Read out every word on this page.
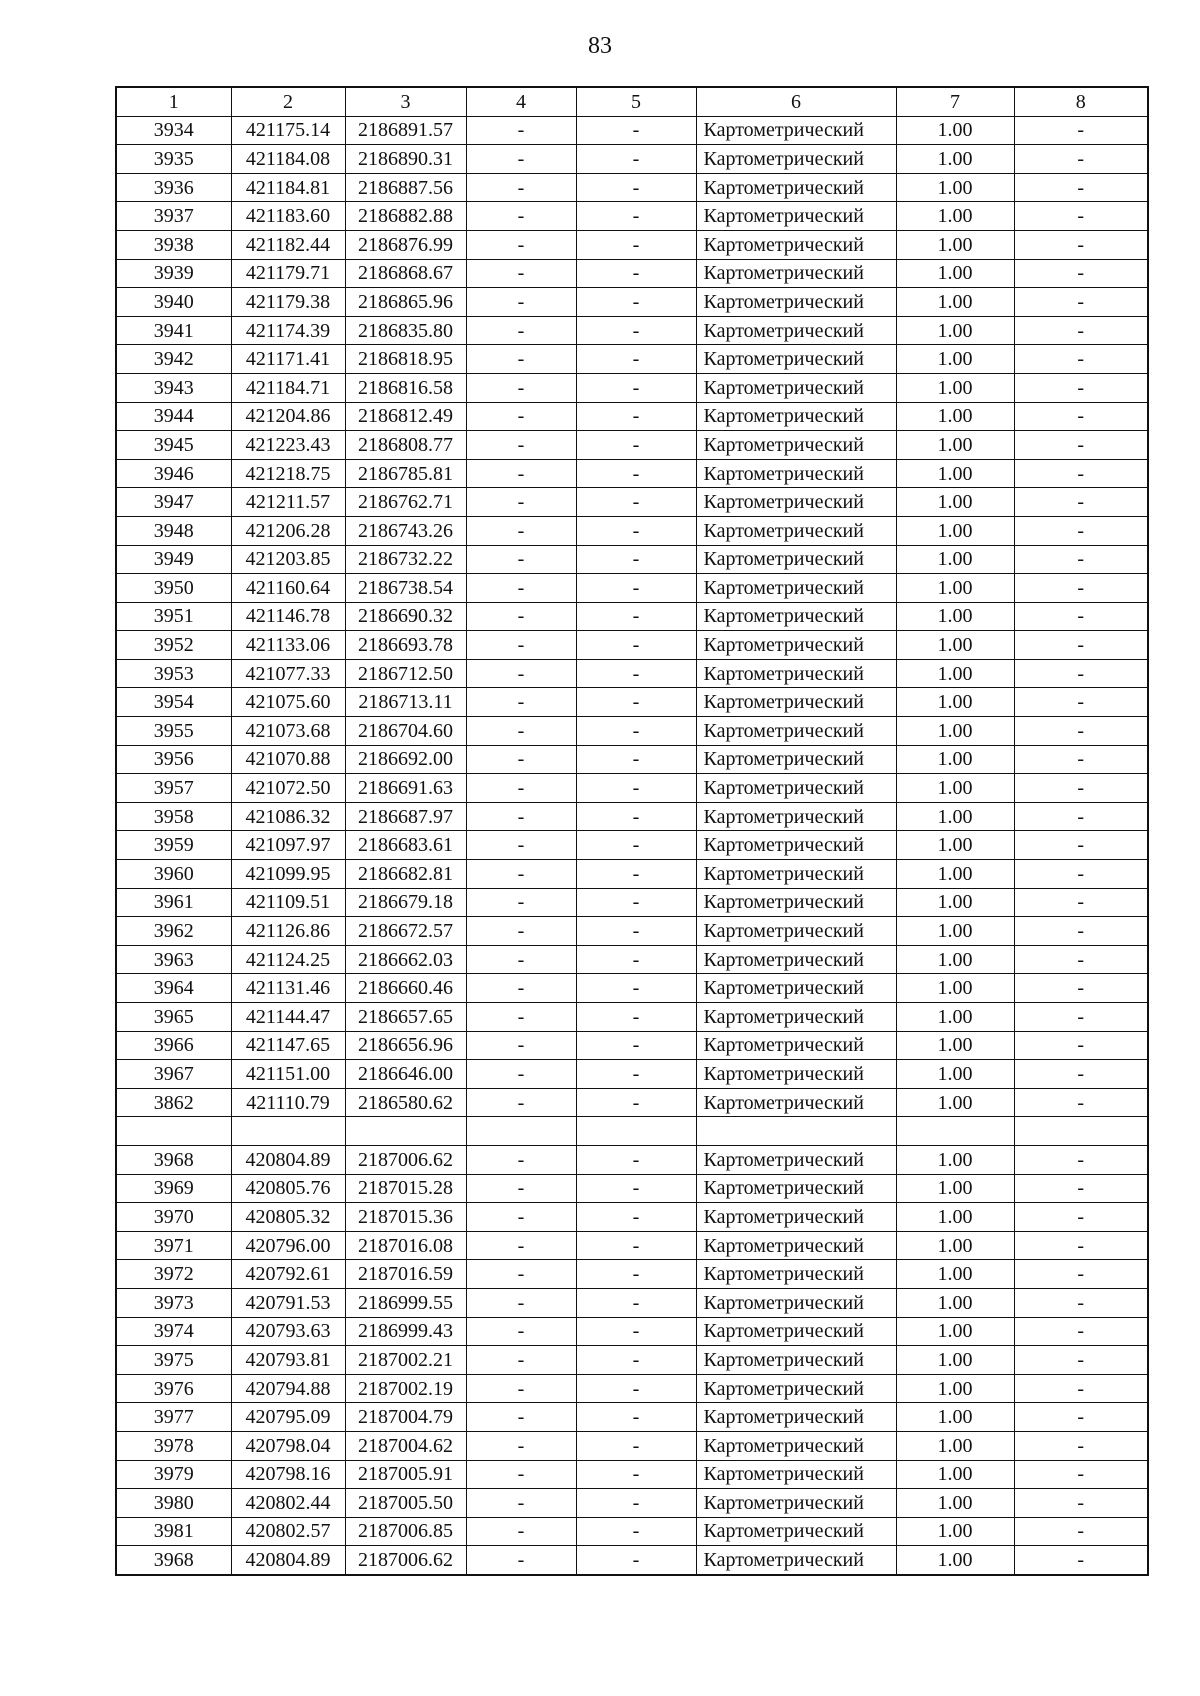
83
1	2	3	4	5	6	7	8
3934	421175.14	2186891.57	-	-	Картометрический	1.00	-
3935	421184.08	2186890.31	-	-	Картометрический	1.00	-
3936	421184.81	2186887.56	-	-	Картометрический	1.00	-
3937	421183.60	2186882.88	-	-	Картометрический	1.00	-
3938	421182.44	2186876.99	-	-	Картометрический	1.00	-
3939	421179.71	2186868.67	-	-	Картометрический	1.00	-
3940	421179.38	2186865.96	-	-	Картометрический	1.00	-
3941	421174.39	2186835.80	-	-	Картометрический	1.00	-
3942	421171.41	2186818.95	-	-	Картометрический	1.00	-
3943	421184.71	2186816.58	-	-	Картометрический	1.00	-
3944	421204.86	2186812.49	-	-	Картометрический	1.00	-
3945	421223.43	2186808.77	-	-	Картометрический	1.00	-
3946	421218.75	2186785.81	-	-	Картометрический	1.00	-
3947	421211.57	2186762.71	-	-	Картометрический	1.00	-
3948	421206.28	2186743.26	-	-	Картометрический	1.00	-
3949	421203.85	2186732.22	-	-	Картометрический	1.00	-
3950	421160.64	2186738.54	-	-	Картометрический	1.00	-
3951	421146.78	2186690.32	-	-	Картометрический	1.00	-
3952	421133.06	2186693.78	-	-	Картометрический	1.00	-
3953	421077.33	2186712.50	-	-	Картометрический	1.00	-
3954	421075.60	2186713.11	-	-	Картометрический	1.00	-
3955	421073.68	2186704.60	-	-	Картометрический	1.00	-
3956	421070.88	2186692.00	-	-	Картометрический	1.00	-
3957	421072.50	2186691.63	-	-	Картометрический	1.00	-
3958	421086.32	2186687.97	-	-	Картометрический	1.00	-
3959	421097.97	2186683.61	-	-	Картометрический	1.00	-
3960	421099.95	2186682.81	-	-	Картометрический	1.00	-
3961	421109.51	2186679.18	-	-	Картометрический	1.00	-
3962	421126.86	2186672.57	-	-	Картометрический	1.00	-
3963	421124.25	2186662.03	-	-	Картометрический	1.00	-
3964	421131.46	2186660.46	-	-	Картометрический	1.00	-
3965	421144.47	2186657.65	-	-	Картометрический	1.00	-
3966	421147.65	2186656.96	-	-	Картометрический	1.00	-
3967	421151.00	2186646.00	-	-	Картометрический	1.00	-
3862	421110.79	2186580.62	-	-	Картометрический	1.00	-

3968	420804.89	2187006.62	-	-	Картометрический	1.00	-
3969	420805.76	2187015.28	-	-	Картометрический	1.00	-
3970	420805.32	2187015.36	-	-	Картометрический	1.00	-
3971	420796.00	2187016.08	-	-	Картометрический	1.00	-
3972	420792.61	2187016.59	-	-	Картометрический	1.00	-
3973	420791.53	2186999.55	-	-	Картометрический	1.00	-
3974	420793.63	2186999.43	-	-	Картометрический	1.00	-
3975	420793.81	2187002.21	-	-	Картометрический	1.00	-
3976	420794.88	2187002.19	-	-	Картометрический	1.00	-
3977	420795.09	2187004.79	-	-	Картометрический	1.00	-
3978	420798.04	2187004.62	-	-	Картометрический	1.00	-
3979	420798.16	2187005.91	-	-	Картометрический	1.00	-
3980	420802.44	2187005.50	-	-	Картометрический	1.00	-
3981	420802.57	2187006.85	-	-	Картометрический	1.00	-
3968	420804.89	2187006.62	-	-	Картометрический	1.00	-
